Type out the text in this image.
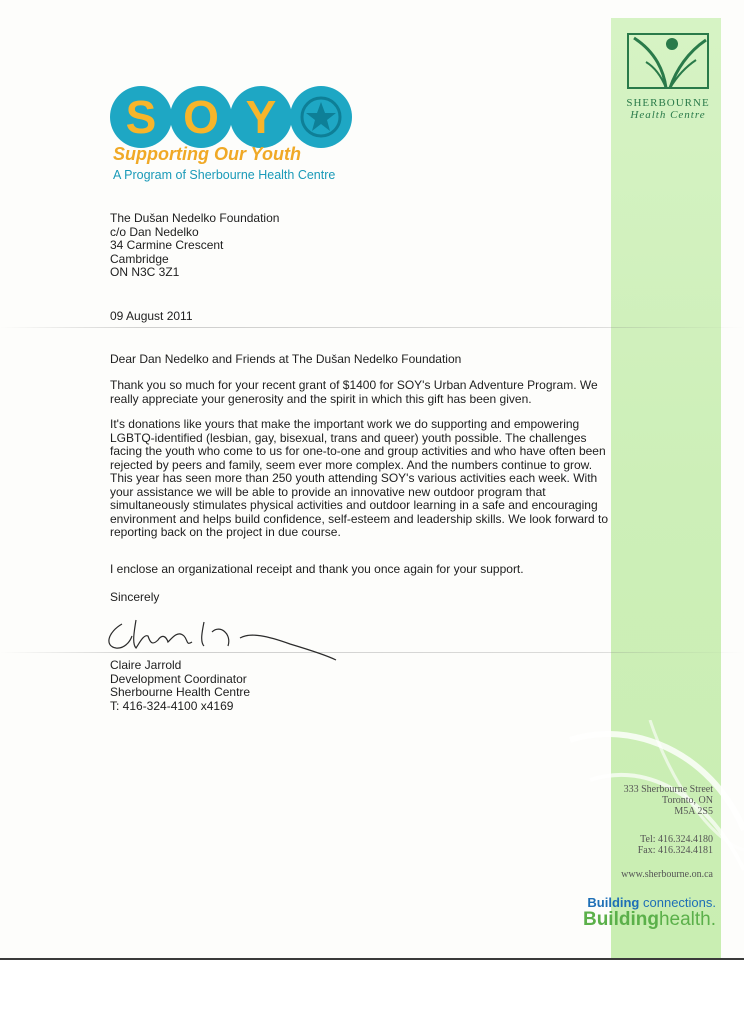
S O Y
Supporting Our Youth
A Program of Sherbourne Health Centre
SHERBOURNE
Health Centre
The Dušan Nedelko Foundation
c/o Dan Nedelko
34 Carmine Crescent
Cambridge
ON N3C 3Z1
09 August 2011
Dear Dan Nedelko and Friends at The Dušan Nedelko Foundation
Thank you so much for your recent grant of $1400 for SOY's Urban Adventure Program. We really appreciate your generosity and the spirit in which this gift has been given.
It's donations like yours that make the important work we do supporting and empowering LGBTQ-identified (lesbian, gay, bisexual, trans and queer) youth possible. The challenges facing the youth who come to us for one-to-one and group activities and who have often been rejected by peers and family, seem ever more complex. And the numbers continue to grow. This year has seen more than 250 youth attending SOY's various activities each week. With your assistance we will be able to provide an innovative new outdoor program that simultaneously stimulates physical activities and outdoor learning in a safe and encouraging environment and helps build confidence, self-esteem and leadership skills. We look forward to reporting back on the project in due course.
I enclose an organizational receipt and thank you once again for your support.
Sincerely
Claire Jarrold
Development Coordinator
Sherbourne Health Centre
T: 416-324-4100 x4169
333 Sherbourne Street
Toronto, ON
M5A 2S5
Tel: 416.324.4180
Fax: 416.324.4181
www.sherbourne.on.ca
Building connections.
Buildinghealth.
